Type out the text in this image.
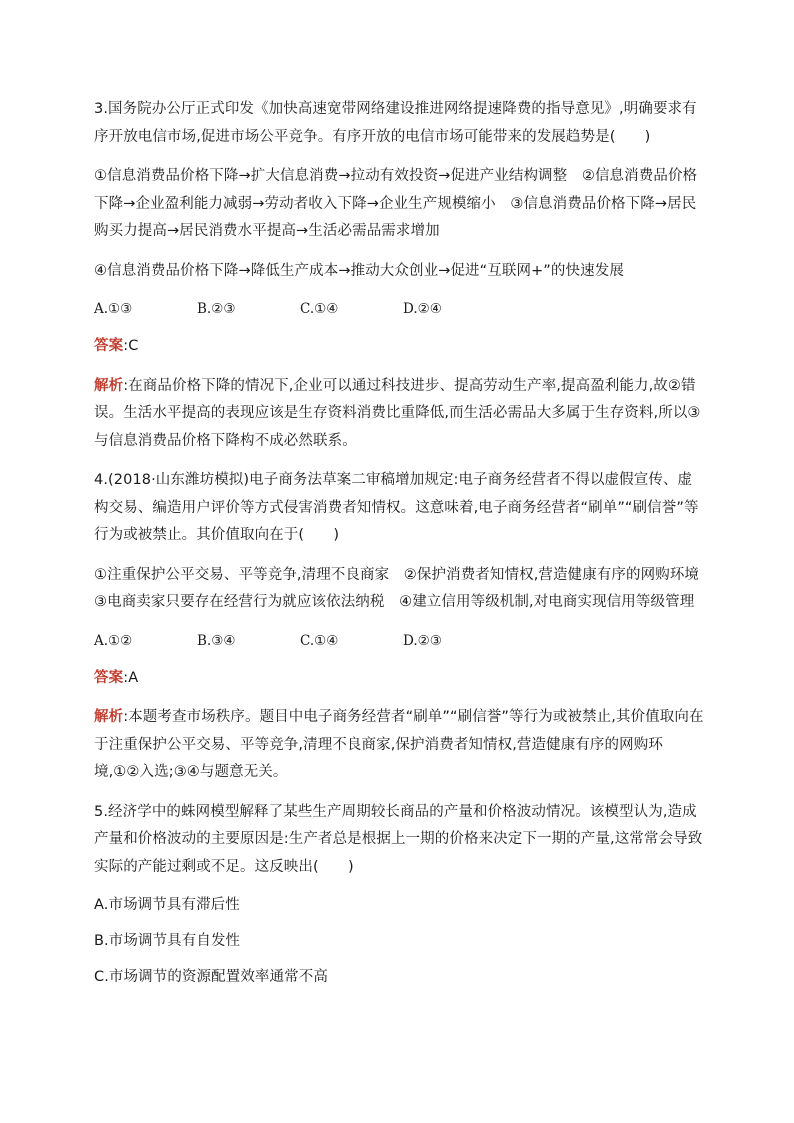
3.国务院办公厅正式印发《加快高速宽带网络建设推进网络提速降费的指导意见》,明确要求有序开放电信市场,促进市场公平竞争。有序开放的电信市场可能带来的发展趋势是(　　)

①信息消费品价格下降→扩大信息消费→拉动有效投资→促进产业结构调整　②信息消费品价格下降→企业盈利能力减弱→劳动者收入下降→企业生产规模缩小　③信息消费品价格下降→居民购买力提高→居民消费水平提高→生活必需品需求增加

④信息消费品价格下降→降低生产成本→推动大众创业→促进“互联网+”的快速发展

A.①③	B.②③	C.①④	D.②④

答案:C

解析:在商品价格下降的情况下,企业可以通过科技进步、提高劳动生产率,提高盈利能力,故②错误。生活水平提高的表现应该是生存资料消费比重降低,而生活必需品大多属于生存资料,所以③与信息消费品价格下降构不成必然联系。

4.(2018·山东潍坊模拟)电子商务法草案二审稿增加规定:电子商务经营者不得以虚假宣传、虚构交易、编造用户评价等方式侵害消费者知情权。这意味着,电子商务经营者“刷单”“刷信誉”等行为或被禁止。其价值取向在于(　　)

①注重保护公平交易、平等竞争,清理不良商家　②保护消费者知情权,营造健康有序的网购环境　③电商卖家只要存在经营行为就应该依法纳税　④建立信用等级机制,对电商实现信用等级管理

A.①②	B.③④	C.①④	D.②③

答案:A

解析:本题考查市场秩序。题目中电子商务经营者“刷单”“刷信誉”等行为或被禁止,其价值取向在于注重保护公平交易、平等竞争,清理不良商家,保护消费者知情权,营造健康有序的网购环境,①②入选;③④与题意无关。

5.经济学中的蛛网模型解释了某些生产周期较长商品的产量和价格波动情况。该模型认为,造成产量和价格波动的主要原因是:生产者总是根据上一期的价格来决定下一期的产量,这常常会导致实际的产能过剩或不足。这反映出(　　)

A.市场调节具有滞后性

B.市场调节具有自发性

C.市场调节的资源配置效率通常不高
